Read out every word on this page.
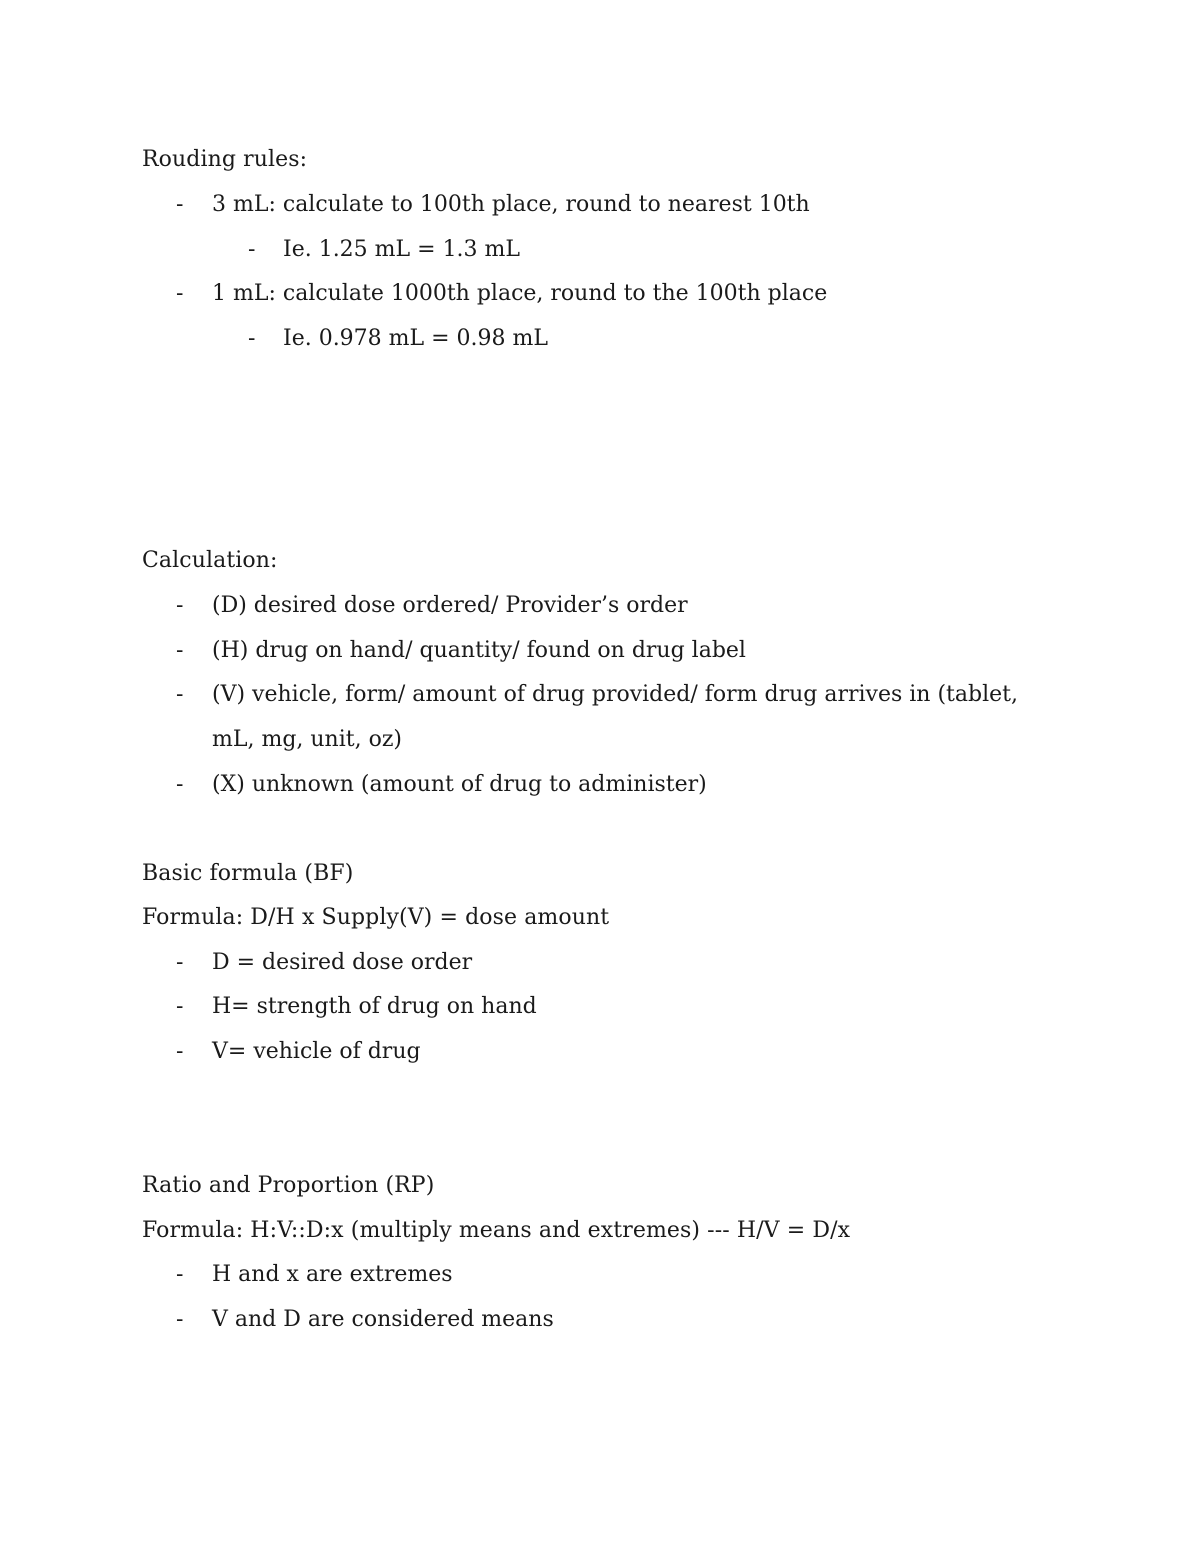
Rouding rules:
- 3 mL: calculate to 100th place, round to nearest 10th
- Ie. 1.25 mL = 1.3 mL
- 1 mL: calculate 1000th place, round to the 100th place
- Ie. 0.978 mL = 0.98 mL
Calculation:
- (D) desired dose ordered/ Provider’s order
- (H) drug on hand/ quantity/ found on drug label
- (V) vehicle, form/ amount of drug provided/ form drug arrives in (tablet,
mL, mg, unit, oz)
- (X) unknown (amount of drug to administer)
Basic formula (BF)
Formula: D/H x Supply(V) = dose amount
- D = desired dose order
- H= strength of drug on hand
- V= vehicle of drug
Ratio and Proportion (RP)
Formula: H:V::D:x (multiply means and extremes) --- H/V = D/x
- H and x are extremes
- V and D are considered means
